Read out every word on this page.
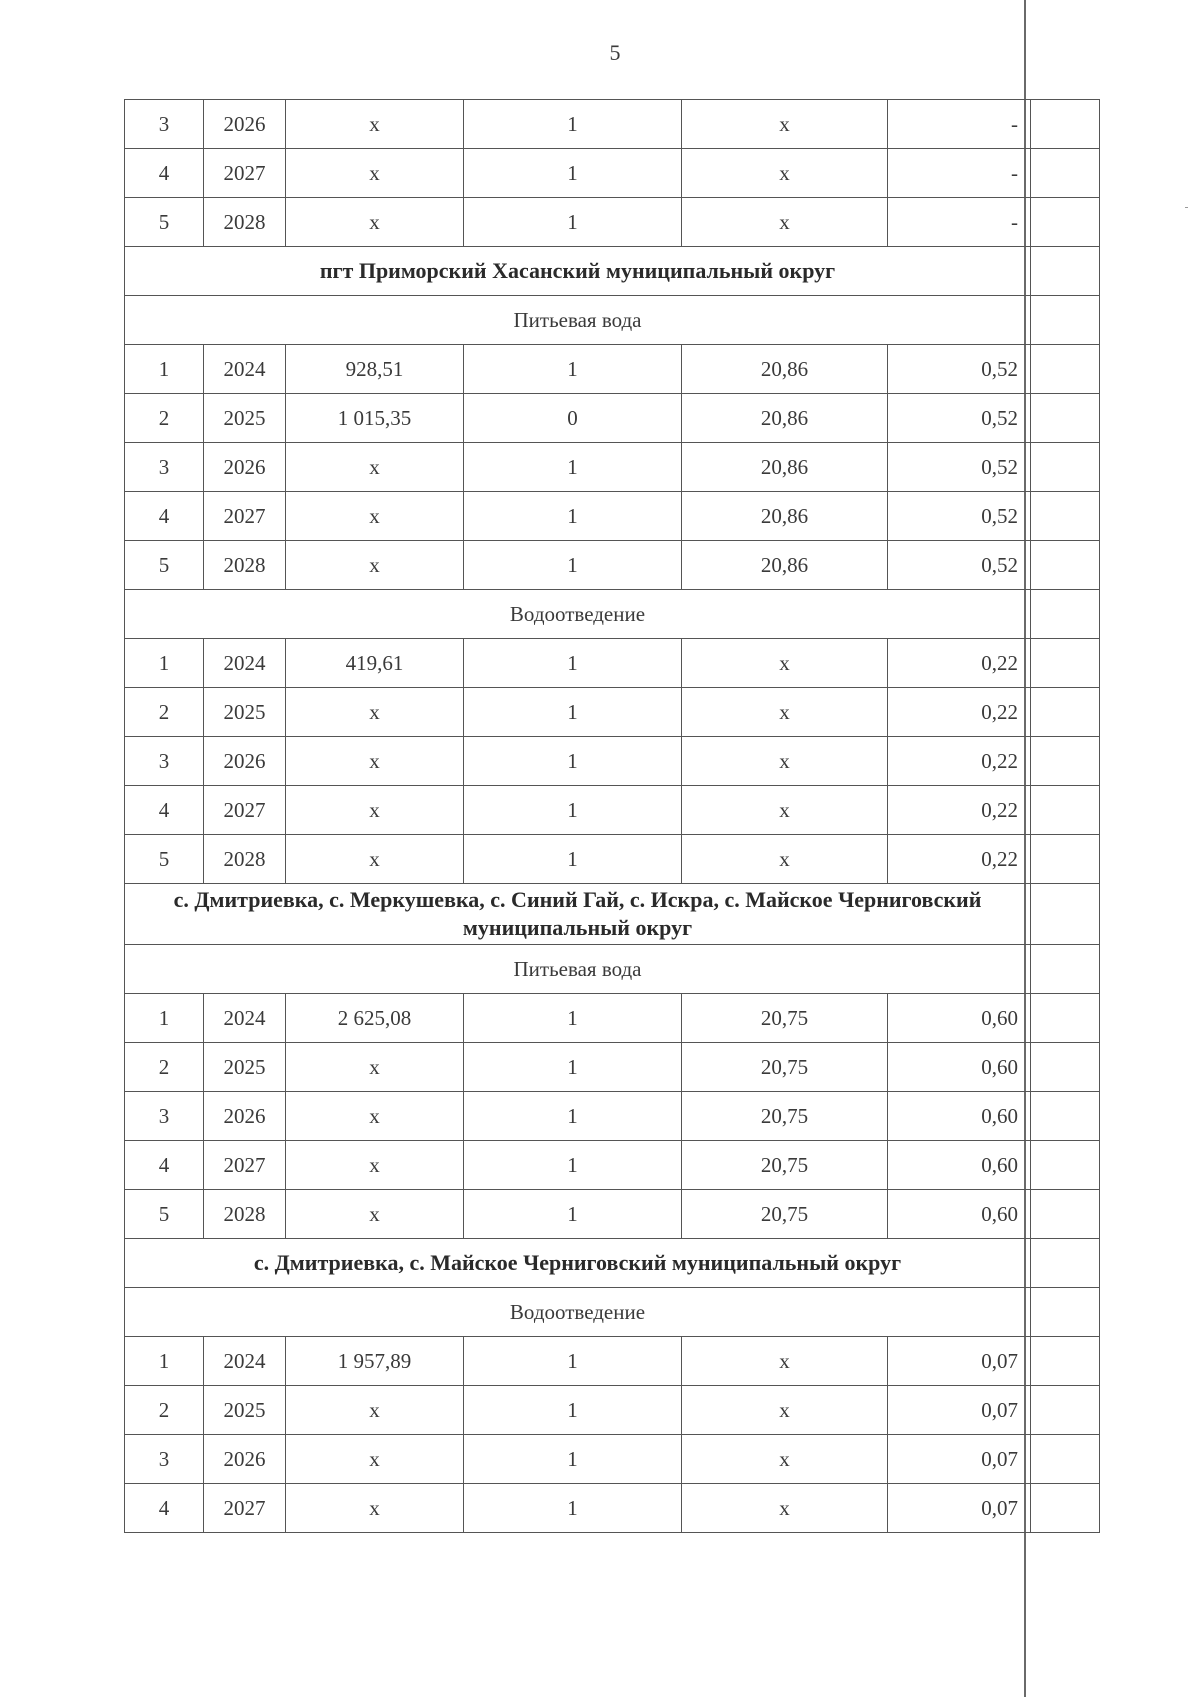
5
3	2026	x	1	x	-	
4	2027	x	1	x	-	
5	2028	x	1	x	-	
пгт Приморский Хасанский муниципальный округ						
Питьевая вода						
1	2024	928,51	1	20,86	0,52	
2	2025	1 015,35	0	20,86	0,52	
3	2026	x	1	20,86	0,52	
4	2027	x	1	20,86	0,52	
5	2028	x	1	20,86	0,52	
Водоотведение						
1	2024	419,61	1	x	0,22	
2	2025	x	1	x	0,22	
3	2026	x	1	x	0,22	
4	2027	x	1	x	0,22	
5	2028	x	1	x	0,22	
с. Дмитриевка, с. Меркушевка, с. Синий Гай, с. Искра, с. Майское Черниговский муниципальный округ						
Питьевая вода						
1	2024	2 625,08	1	20,75	0,60	
2	2025	x	1	20,75	0,60	
3	2026	x	1	20,75	0,60	
4	2027	x	1	20,75	0,60	
5	2028	x	1	20,75	0,60	
с. Дмитриевка, с. Майское Черниговский муниципальный округ						
Водоотведение						
1	2024	1 957,89	1	x	0,07	
2	2025	x	1	x	0,07	
3	2026	x	1	x	0,07	
4	2027	x	1	x	0,07	
